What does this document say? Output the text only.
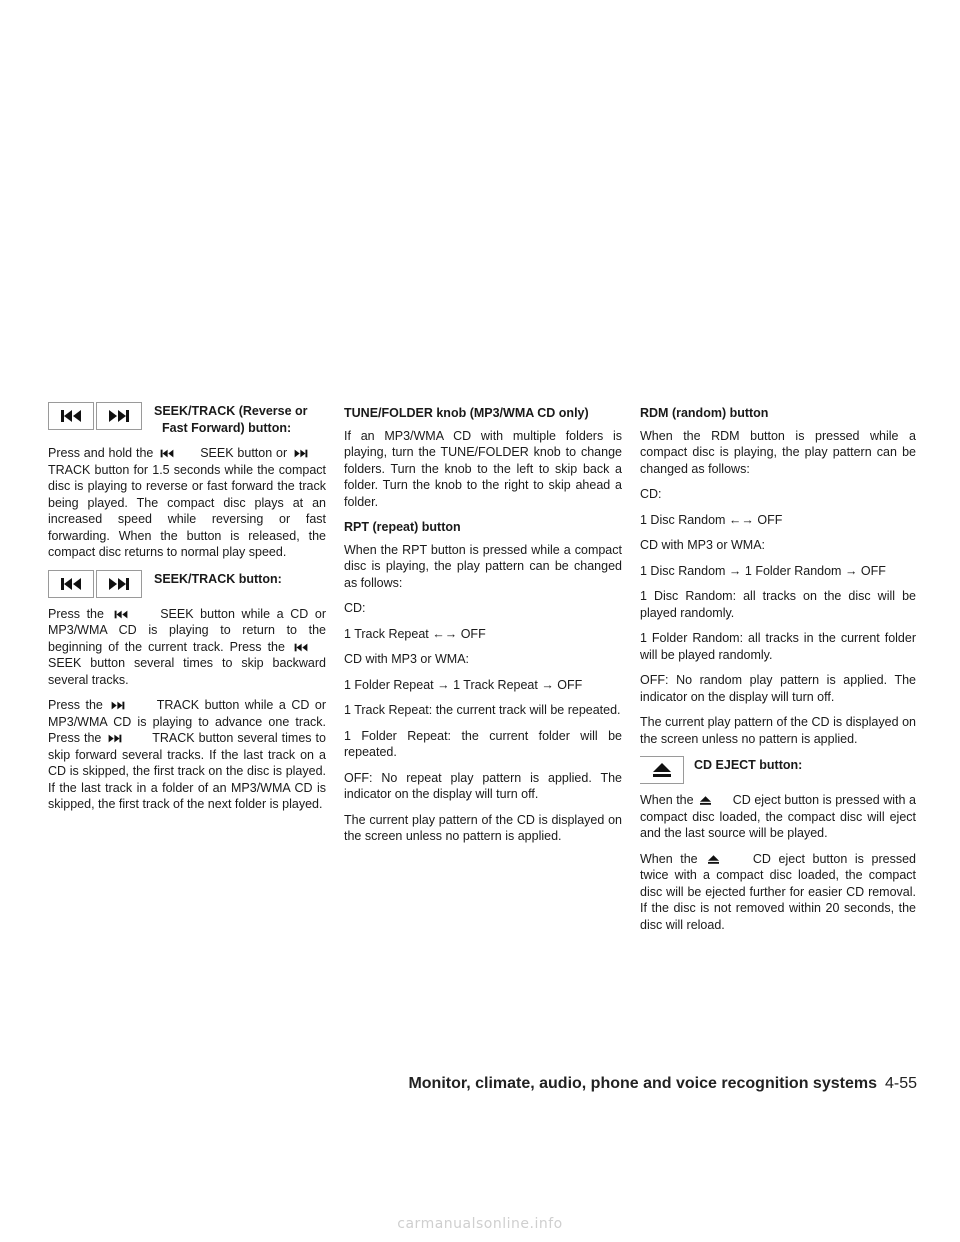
SEEK/TRACK (Reverse or
Fast Forward) button:

Press and hold the	SEEK button or  TRACK button for 1.5 seconds while the compact disc is playing to reverse or fast forward the track being played. The compact disc plays at an increased speed while reversing or fast forwarding. When the button is released, the compact disc returns to normal play speed.

SEEK/TRACK button:

Press the	SEEK button while a CD or MP3/WMA CD is playing to return to the beginning of the current track. Press the  SEEK button several times to skip backward several tracks.

Press the	TRACK button while a CD or MP3/WMA CD is playing to advance one track. Press the	TRACK button several times to skip forward several tracks. If the last track on a CD is skipped, the first track on the disc is played. If the last track in a folder of an MP3/WMA CD is skipped, the first track of the next folder is played.

TUNE/FOLDER knob (MP3/WMA CD only)

If an MP3/WMA CD with multiple folders is playing, turn the TUNE/FOLDER knob to change folders. Turn the knob to the left to skip back a folder. Turn the knob to the right to skip ahead a folder.

RPT (repeat) button

When the RPT button is pressed while a compact disc is playing, the play pattern can be changed as follows:

CD:

1 Track Repeat ←→ OFF

CD with MP3 or WMA:

1 Folder Repeat → 1 Track Repeat → OFF

1 Track Repeat: the current track will be repeated.

1 Folder Repeat: the current folder will be repeated.

OFF: No repeat play pattern is applied. The indicator on the display will turn off.

The current play pattern of the CD is displayed on the screen unless no pattern is applied.

RDM (random) button

When the RDM button is pressed while a compact disc is playing, the play pattern can be changed as follows:

CD:

1 Disc Random ←→ OFF

CD with MP3 or WMA:

1 Disc Random → 1 Folder Random → OFF

1 Disc Random: all tracks on the disc will be played randomly.

1 Folder Random: all tracks in the current folder will be played randomly.

OFF: No random play pattern is applied. The indicator on the display will turn off.

The current play pattern of the CD is displayed on the screen unless no pattern is applied.

CD EJECT button:

When the	CD eject button is pressed with a compact disc loaded, the compact disc will eject and the last source will be played.

When the	CD eject button is pressed twice with a compact disc loaded, the compact disc will be ejected further for easier CD removal. If the disc is not removed within 20 seconds, the disc will reload.

Monitor, climate, audio, phone and voice recognition systems 4-55
carmanualsonline.info
